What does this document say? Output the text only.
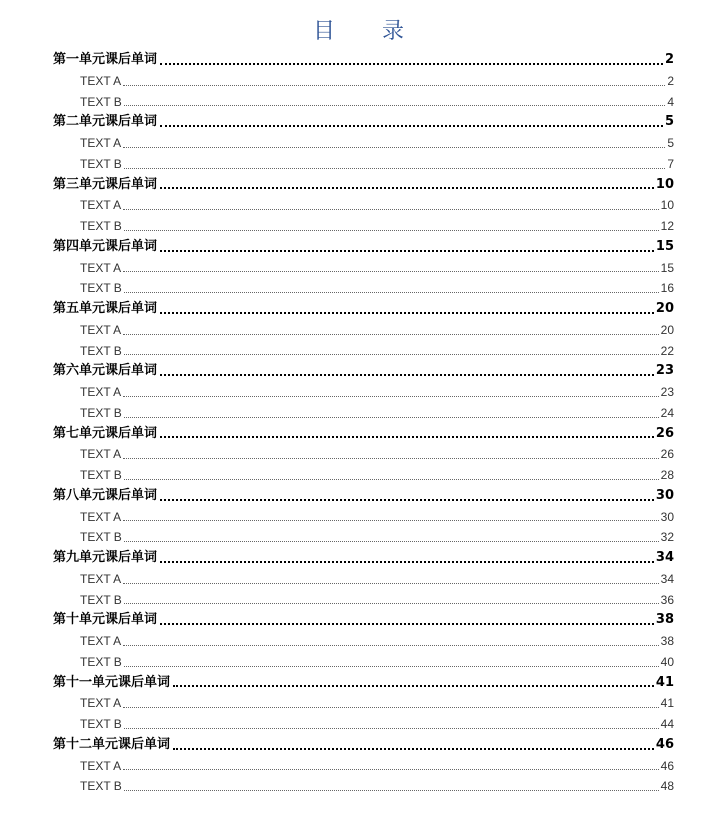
目 录
第一单元课后单词	2
TEXT A	2
TEXT B	4
第二单元课后单词	5
TEXT A	5
TEXT B	7
第三单元课后单词	10
TEXT A	10
TEXT B	12
第四单元课后单词	15
TEXT A	15
TEXT B	16
第五单元课后单词	20
TEXT A	20
TEXT B	22
第六单元课后单词	23
TEXT A	23
TEXT B	24
第七单元课后单词	26
TEXT A	26
TEXT B	28
第八单元课后单词	30
TEXT A	30
TEXT B	32
第九单元课后单词	34
TEXT A	34
TEXT B	36
第十单元课后单词	38
TEXT A	38
TEXT B	40
第十一单元课后单词	41
TEXT A	41
TEXT B	44
第十二单元课后单词	46
TEXT A	46
TEXT B	48
